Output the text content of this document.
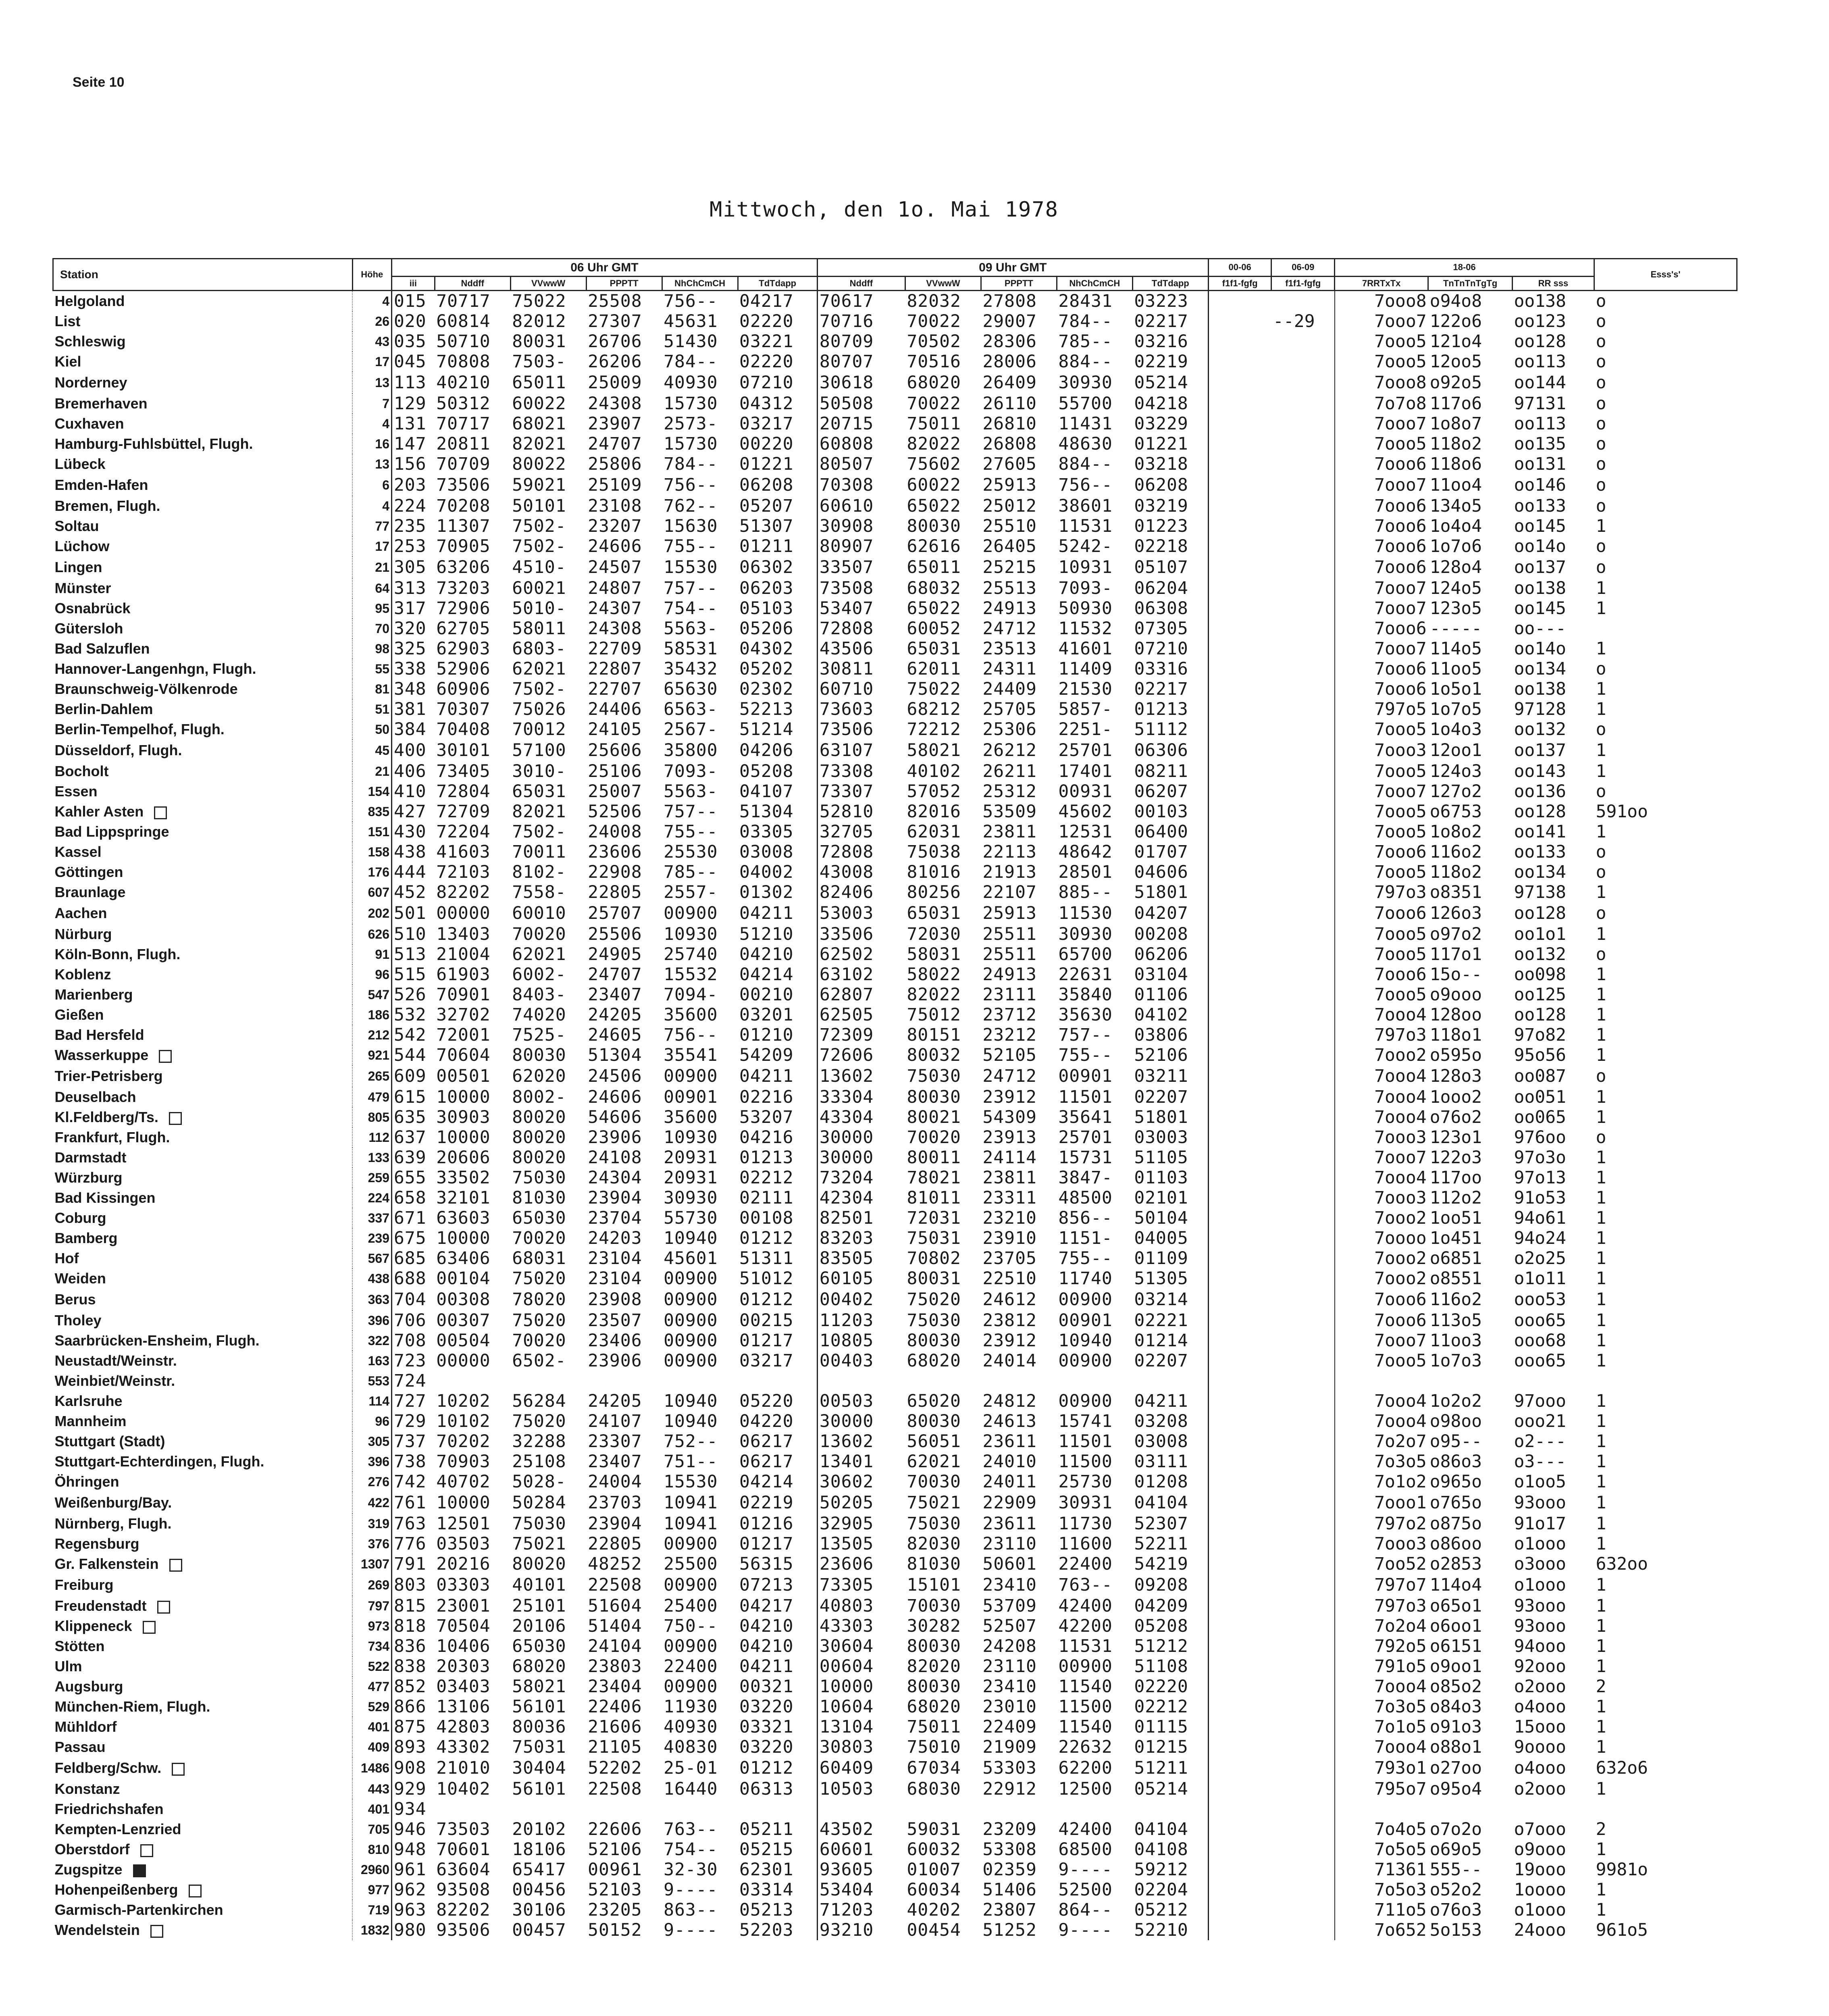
Seite 10
Mittwoch, den 1o. Mai 1978
Station	Höhe	06 Uhr GMT						09 Uhr GMT					00-06	06-09	18-06			Esss's'
		iii	Nddff	VVwwW	PPPTT	NhChCmCH	TdTdapp	Nddff	VVwwW	PPPTT	NhChCmCH	TdTdapp	f1f1-fgfg	f1f1-fgfg	7RRTxTx	TnTnTnTgTg	RR sss	
Helgoland	4	015	70717	75022	25508	756--	04217	70617	82032	27808	28431	03223			7ooo8	o94o8	oo138	o
List	26	020	60814	82012	27307	45631	02220	70716	70022	29007	784--	02217		--29	7ooo7	122o6	oo123	o
Schleswig	43	035	50710	80031	26706	51430	03221	80709	70502	28306	785--	03216			7ooo5	121o4	oo128	o
Kiel	17	045	70808	7503-	26206	784--	02220	80707	70516	28006	884--	02219			7ooo5	12oo5	oo113	o
Norderney	13	113	40210	65011	25009	40930	07210	30618	68020	26409	30930	05214			7ooo8	o92o5	oo144	o
Bremerhaven	7	129	50312	60022	24308	15730	04312	50508	70022	26110	55700	04218			7o7o8	117o6	97131	o
Cuxhaven	4	131	70717	68021	23907	2573-	03217	20715	75011	26810	11431	03229			7ooo7	1o8o7	oo113	o
Hamburg-Fuhlsbüttel, Flugh.	16	147	20811	82021	24707	15730	00220	60808	82022	26808	48630	01221			7ooo5	118o2	oo135	o
Lübeck	13	156	70709	80022	25806	784--	01221	80507	75602	27605	884--	03218			7ooo6	118o6	oo131	o
Emden-Hafen	6	203	73506	59021	25109	756--	06208	70308	60022	25913	756--	06208			7ooo7	11oo4	oo146	o
Bremen, Flugh.	4	224	70208	50101	23108	762--	05207	60610	65022	25012	38601	03219			7ooo6	134o5	oo133	o
Soltau	77	235	11307	7502-	23207	15630	51307	30908	80030	25510	11531	01223			7ooo6	1o4o4	oo145	1
Lüchow	17	253	70905	7502-	24606	755--	01211	80907	62616	26405	5242-	02218			7ooo6	1o7o6	oo14o	o
Lingen	21	305	63206	4510-	24507	15530	06302	33507	65011	25215	10931	05107			7ooo6	128o4	oo137	o
Münster	64	313	73203	60021	24807	757--	06203	73508	68032	25513	7093-	06204			7ooo7	124o5	oo138	1
Osnabrück	95	317	72906	5010-	24307	754--	05103	53407	65022	24913	50930	06308			7ooo7	123o5	oo145	1
Gütersloh	70	320	62705	58011	24308	5563-	05206	72808	60052	24712	11532	07305			7ooo6	-----	oo---	
Bad Salzuflen	98	325	62903	6803-	22709	58531	04302	43506	65031	23513	41601	07210			7ooo7	114o5	oo14o	1
Hannover-Langenhgn, Flugh.	55	338	52906	62021	22807	35432	05202	30811	62011	24311	11409	03316			7ooo6	11oo5	oo134	o
Braunschweig-Völkenrode	81	348	60906	7502-	22707	65630	02302	60710	75022	24409	21530	02217			7ooo6	1o5o1	oo138	1
Berlin-Dahlem	51	381	70307	75026	24406	6563-	52213	73603	68212	25705	5857-	01213			797o5	1o7o5	97128	1
Berlin-Tempelhof, Flugh.	50	384	70408	70012	24105	2567-	51214	73506	72212	25306	2251-	51112			7ooo5	1o4o3	oo132	o
Düsseldorf, Flugh.	45	400	30101	57100	25606	35800	04206	63107	58021	26212	25701	06306			7ooo3	12oo1	oo137	1
Bocholt	21	406	73405	3010-	25106	7093-	05208	73308	40102	26211	17401	08211			7ooo5	124o3	oo143	1
Essen	154	410	72804	65031	25007	5563-	04107	73307	57052	25312	00931	06207			7ooo7	127o2	oo136	o
Kahler Asten	835	427	72709	82021	52506	757--	51304	52810	82016	53509	45602	00103			7ooo5	o6753	oo128	591oo
Bad Lippspringe	151	430	72204	7502-	24008	755--	03305	32705	62031	23811	12531	06400			7ooo5	1o8o2	oo141	1
Kassel	158	438	41603	70011	23606	25530	03008	72808	75038	22113	48642	01707			7ooo6	116o2	oo133	o
Göttingen	176	444	72103	8102-	22908	785--	04002	43008	81016	21913	28501	04606			7ooo5	118o2	oo134	o
Braunlage	607	452	82202	7558-	22805	2557-	01302	82406	80256	22107	885--	51801			797o3	o8351	97138	1
Aachen	202	501	00000	60010	25707	00900	04211	53003	65031	25913	11530	04207			7ooo6	126o3	oo128	o
Nürburg	626	510	13403	70020	25506	10930	51210	33506	72030	25511	30930	00208			7ooo5	o97o2	oo1o1	1
Köln-Bonn, Flugh.	91	513	21004	62021	24905	25740	04210	62502	58031	25511	65700	06206			7ooo5	117o1	oo132	o
Koblenz	96	515	61903	6002-	24707	15532	04214	63102	58022	24913	22631	03104			7ooo6	15o--	oo098	1
Marienberg	547	526	70901	8403-	23407	7094-	00210	62807	82022	23111	35840	01106			7ooo5	o9ooo	oo125	1
Gießen	186	532	32702	74020	24205	35600	03201	62505	75012	23712	35630	04102			7ooo4	128oo	oo128	1
Bad Hersfeld	212	542	72001	7525-	24605	756--	01210	72309	80151	23212	757--	03806			797o3	118o1	97o82	1
Wasserkuppe	921	544	70604	80030	51304	35541	54209	72606	80032	52105	755--	52106			7ooo2	o595o	95o56	1
Trier-Petrisberg	265	609	00501	62020	24506	00900	04211	13602	75030	24712	00901	03211			7ooo4	128o3	oo087	o
Deuselbach	479	615	10000	8002-	24606	00901	02216	33304	80030	23912	11501	02207			7ooo4	1ooo2	oo051	1
Kl.Feldberg/Ts.	805	635	30903	80020	54606	35600	53207	43304	80021	54309	35641	51801			7ooo4	o76o2	oo065	1
Frankfurt, Flugh.	112	637	10000	80020	23906	10930	04216	30000	70020	23913	25701	03003			7ooo3	123o1	976oo	o
Darmstadt	133	639	20606	80020	24108	20931	01213	30000	80011	24114	15731	51105			7ooo7	122o3	97o3o	1
Würzburg	259	655	33502	75030	24304	20931	02212	73204	78021	23811	3847-	01103			7ooo4	117oo	97o13	1
Bad Kissingen	224	658	32101	81030	23904	30930	02111	42304	81011	23311	48500	02101			7ooo3	112o2	91o53	1
Coburg	337	671	63603	65030	23704	55730	00108	82501	72031	23210	856--	50104			7ooo2	1oo51	94o61	1
Bamberg	239	675	10000	70020	24203	10940	01212	83203	75031	23910	1151-	04005			7oooo	1o451	94o24	1
Hof	567	685	63406	68031	23104	45601	51311	83505	70802	23705	755--	01109			7ooo2	o6851	o2o25	1
Weiden	438	688	00104	75020	23104	00900	51012	60105	80031	22510	11740	51305			7ooo2	o8551	o1o11	1
Berus	363	704	00308	78020	23908	00900	01212	00402	75020	24612	00900	03214			7ooo6	116o2	ooo53	1
Tholey	396	706	00307	75020	23507	00900	00215	11203	75030	23812	00901	02221			7ooo6	113o5	ooo65	1
Saarbrücken-Ensheim, Flugh.	322	708	00504	70020	23406	00900	01217	10805	80030	23912	10940	01214			7ooo7	11oo3	ooo68	1
Neustadt/Weinstr.	163	723	00000	6502-	23906	00900	03217	00403	68020	24014	00900	02207			7ooo5	1o7o3	ooo65	1
Weinbiet/Weinstr.	553	724																
Karlsruhe	114	727	10202	56284	24205	10940	05220	00503	65020	24812	00900	04211			7ooo4	1o2o2	97ooo	1
Mannheim	96	729	10102	75020	24107	10940	04220	30000	80030	24613	15741	03208			7ooo4	o98oo	ooo21	1
Stuttgart (Stadt)	305	737	70202	32288	23307	752--	06217	13602	56051	23611	11501	03008			7o2o7	o95--	o2---	1
Stuttgart-Echterdingen, Flugh.	396	738	70903	25108	23407	751--	06217	13401	62021	24010	11500	03111			7o3o5	o86o3	o3---	1
Öhringen	276	742	40702	5028-	24004	15530	04214	30602	70030	24011	25730	01208			7o1o2	o965o	o1oo5	1
Weißenburg/Bay.	422	761	10000	50284	23703	10941	02219	50205	75021	22909	30931	04104			7ooo1	o765o	93ooo	1
Nürnberg, Flugh.	319	763	12501	75030	23904	10941	01216	32905	75030	23611	11730	52307			797o2	o875o	91o17	1
Regensburg	376	776	03503	75021	22805	00900	01217	13505	82030	23110	11600	52211			7ooo3	o86oo	o1ooo	1
Gr. Falkenstein	1307	791	20216	80020	48252	25500	56315	23606	81030	50601	22400	54219			7oo52	o2853	o3ooo	632oo
Freiburg	269	803	03303	40101	22508	00900	07213	73305	15101	23410	763--	09208			797o7	114o4	o1ooo	1
Freudenstadt	797	815	23001	25101	51604	25400	04217	40803	70030	53709	42400	04209			797o3	o65o1	93ooo	1
Klippeneck	973	818	70504	20106	51404	750--	04210	43303	30282	52507	42200	05208			7o2o4	o6oo1	93ooo	1
Stötten	734	836	10406	65030	24104	00900	04210	30604	80030	24208	11531	51212			792o5	o6151	94ooo	1
Ulm	522	838	20303	68020	23803	22400	04211	00604	82020	23110	00900	51108			791o5	o9oo1	92ooo	1
Augsburg	477	852	03403	58021	23404	00900	00321	10000	80030	23410	11540	02220			7ooo4	o85o2	o2ooo	2
München-Riem, Flugh.	529	866	13106	56101	22406	11930	03220	10604	68020	23010	11500	02212			7o3o5	o84o3	o4ooo	1
Mühldorf	401	875	42803	80036	21606	40930	03321	13104	75011	22409	11540	01115			7o1o5	o91o3	15ooo	1
Passau	409	893	43302	75031	21105	40830	03220	30803	75010	21909	22632	01215			7ooo4	o88o1	9oooo	1
Feldberg/Schw.	1486	908	21010	30404	52202	25-01	01212	60409	67034	53303	62200	51211			793o1	o27oo	o4ooo	632o6
Konstanz	443	929	10402	56101	22508	16440	06313	10503	68030	22912	12500	05214			795o7	o95o4	o2ooo	1
Friedrichshafen	401	934																
Kempten-Lenzried	705	946	73503	20102	22606	763--	05211	43502	59031	23209	42400	04104			7o4o5	o7o2o	o7ooo	2
Oberstdorf	810	948	70601	18106	52106	754--	05215	60601	60032	53308	68500	04108			7o5o5	o69o5	o9ooo	1
Zugspitze	2960	961	63604	65417	00961	32-30	62301	93605	01007	02359	9----	59212			71361	555--	19ooo	9981o
Hohenpeißenberg	977	962	93508	00456	52103	9----	03314	53404	60034	51406	52500	02204			7o5o3	o52o2	1oooo	1
Garmisch-Partenkirchen	719	963	82202	30106	23205	863--	05213	71203	40202	23807	864--	05212			711o5	o76o3	o1ooo	1
Wendelstein	1832	980	93506	00457	50152	9----	52203	93210	00454	51252	9----	52210			7o652	5o153	24ooo	961o5
